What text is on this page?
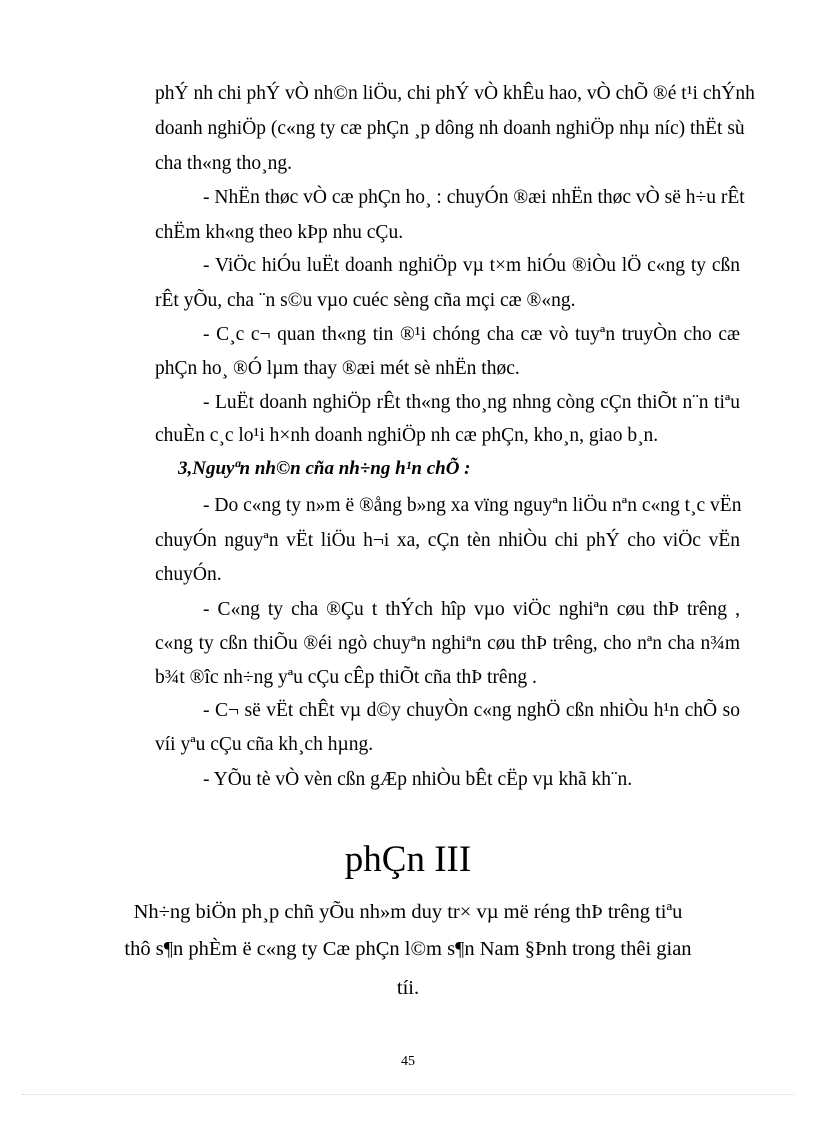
phÝ nh chi phÝ vÒ nh©n liÖu, chi phÝ vÒ khÊu hao, vÒ chÕ ®é t¹i chÝnh
doanh nghiÖp (c«ng ty cæ phÇn ¸p dông nh doanh nghiÖp nhµ níc) thËt sù
cha th«ng tho¸ng.
- NhËn thøc vÒ cæ phÇn ho¸ : chuyÓn ®æi nhËn thøc vÒ së h÷u rÊt
chËm kh«ng theo kÞp nhu cÇu.
- ViÖc hiÓu luËt doanh nghiÖp vµ t×m hiÓu ®iÒu lÖ c«ng ty cßn
rÊt yÕu, cha ¨n s©u vµo cuéc sèng cña mçi cæ ®«ng.
- C¸c c¬ quan th«ng tin ®¹i chóng cha cæ vò tuyªn truyÒn cho cæ
phÇn ho¸ ®Ó lµm thay ®æi mét sè nhËn thøc.
- LuËt doanh nghiÖp rÊt th«ng tho¸ng nhng còng cÇn thiÕt n¨n tiªu
chuÈn c¸c lo¹i h×nh doanh nghiÖp nh cæ phÇn, kho¸n, giao b¸n.
3,Nguyªn nh©n cña nh÷ng h¹n chÕ :
- Do c«ng ty n»m ë ®ång b»ng xa vïng nguyªn liÖu nªn c«ng t¸c vËn
chuyÓn nguyªn vËt liÖu h¬i xa, cÇn tèn nhiÒu chi phÝ cho viÖc vËn
chuyÓn.
- C«ng ty cha ®Çu t thÝch hîp vµo viÖc nghiªn cøu thÞ trêng ,
c«ng ty cßn thiÕu ®éi ngò chuyªn nghiªn cøu thÞ trêng, cho nªn cha n¾m
b¾t ®îc nh÷ng yªu cÇu cÊp thiÕt cña thÞ trêng .
- C¬ së vËt chÊt vµ d©y chuyÒn c«ng nghÖ cßn nhiÒu h¹n chÕ so
víi yªu cÇu cña kh¸ch hµng.
- YÕu tè vÒ vèn cßn gÆp nhiÒu bÊt cËp vµ khã kh¨n.
phÇn III
Nh÷ng biÖn ph¸p chñ yÕu nh»m duy tr× vµ më réng thÞ trêng tiªu
thô s¶n phÈm ë c«ng ty Cæ phÇn l©m s¶n Nam §Þnh trong thêi gian
tíi.
45
